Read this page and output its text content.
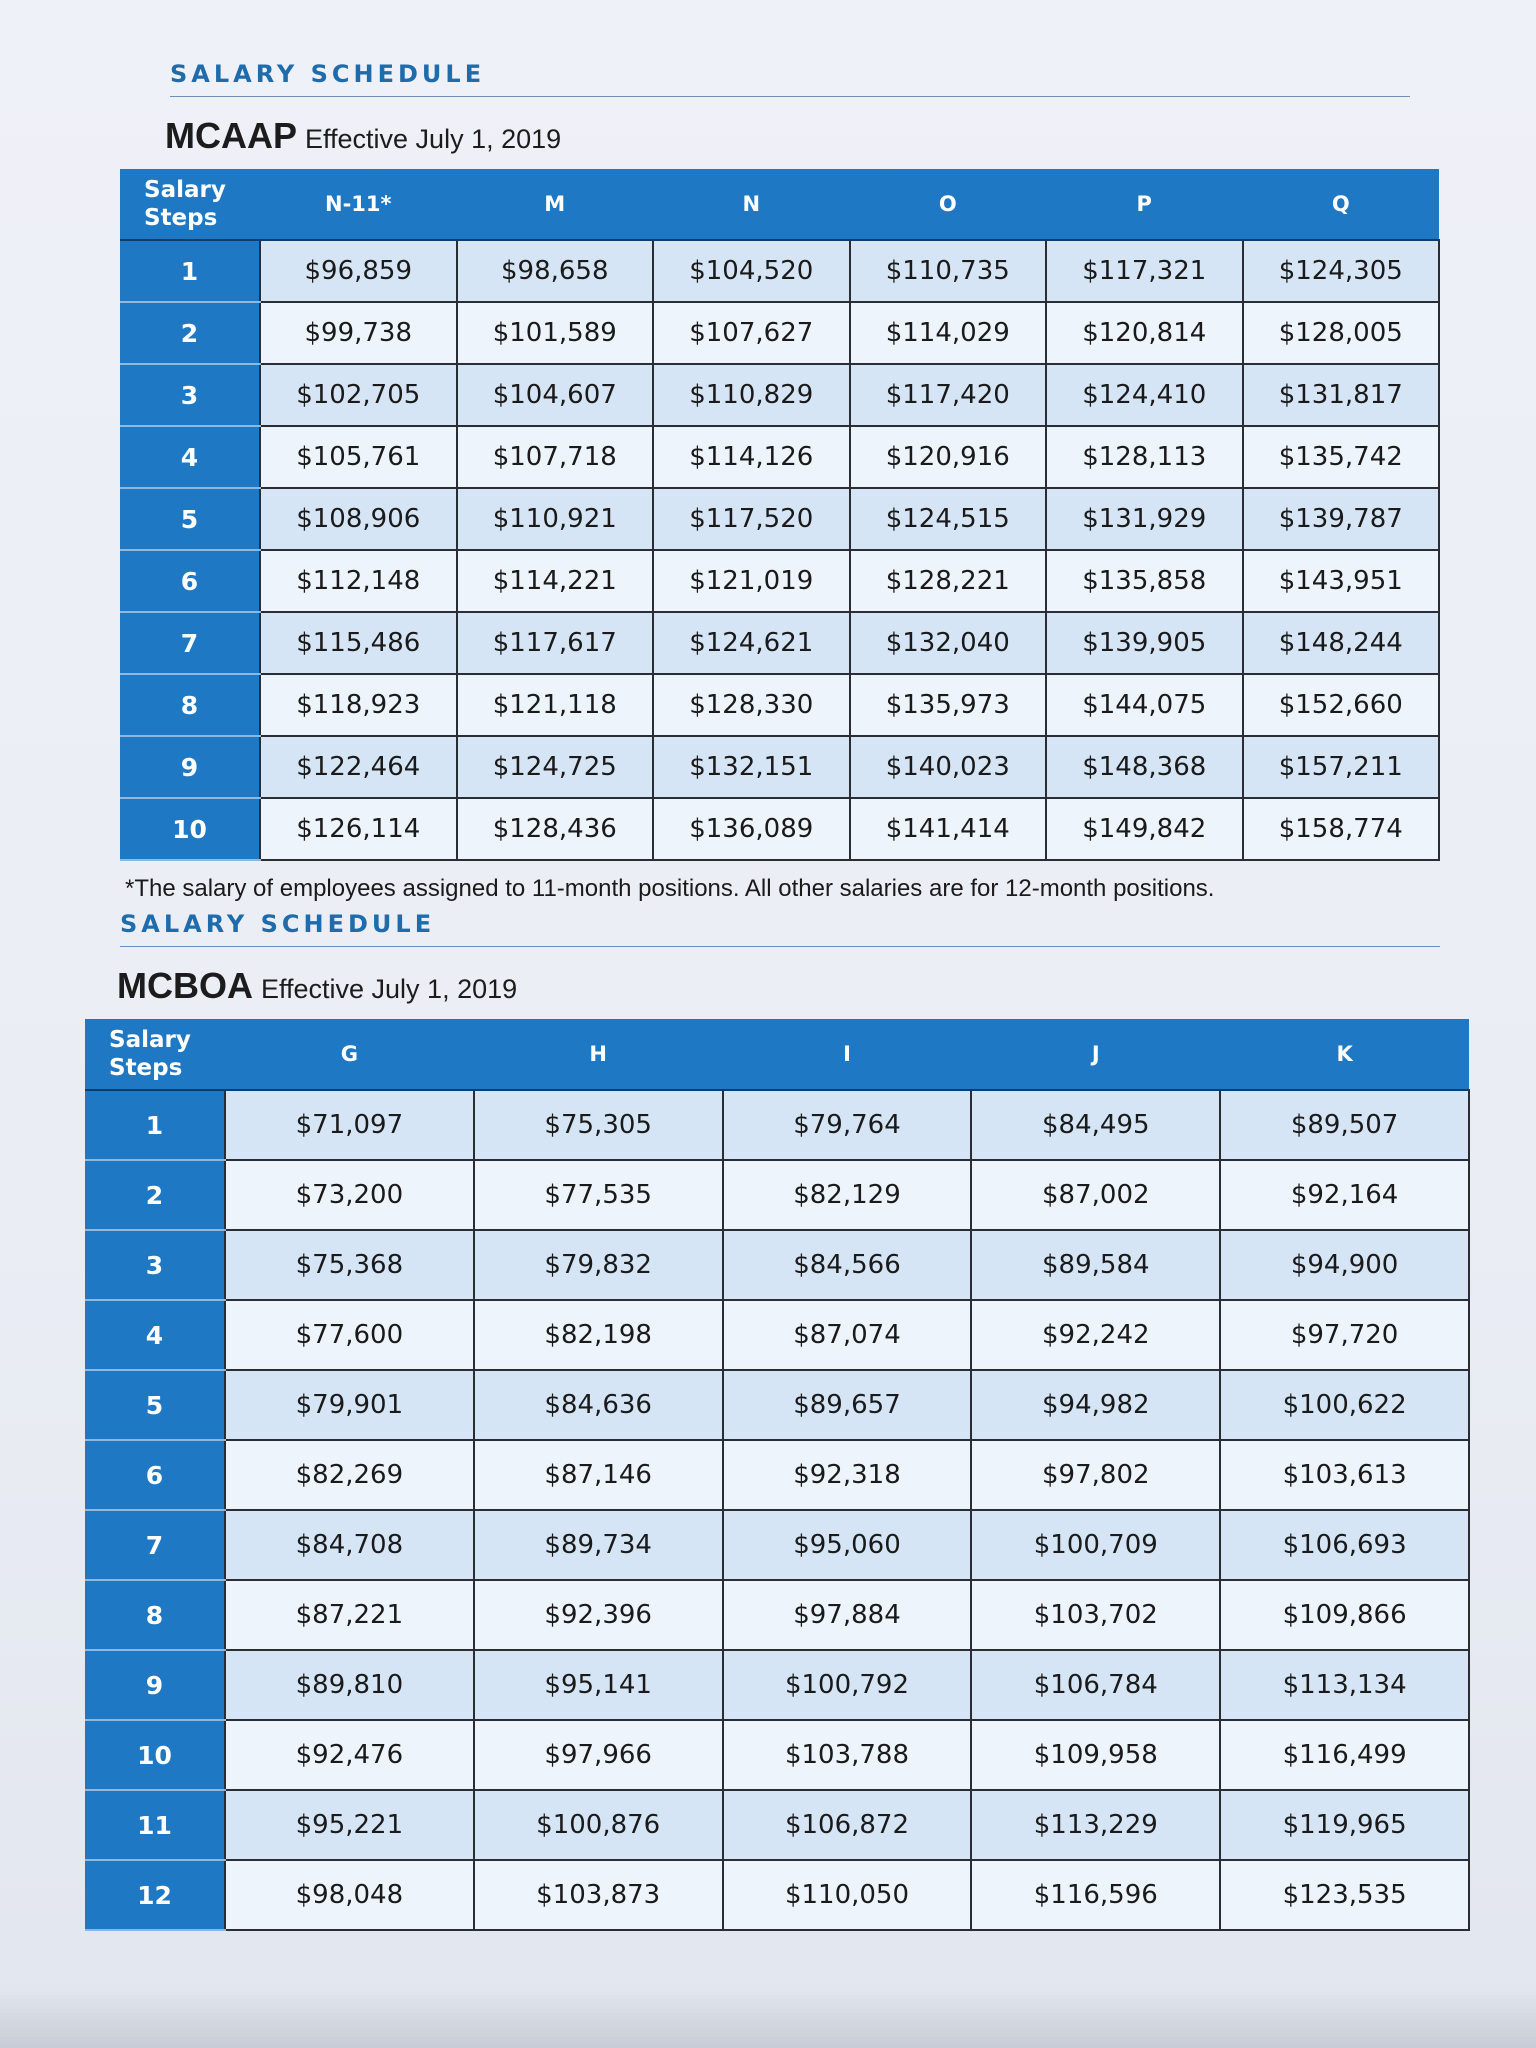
SALARY SCHEDULE
MCAAP Effective July 1, 2019
Salary
Steps	N-11*	M	N	O	P	Q
1	$96,859	$98,658	$104,520	$110,735	$117,321	$124,305
2	$99,738	$101,589	$107,627	$114,029	$120,814	$128,005
3	$102,705	$104,607	$110,829	$117,420	$124,410	$131,817
4	$105,761	$107,718	$114,126	$120,916	$128,113	$135,742
5	$108,906	$110,921	$117,520	$124,515	$131,929	$139,787
6	$112,148	$114,221	$121,019	$128,221	$135,858	$143,951
7	$115,486	$117,617	$124,621	$132,040	$139,905	$148,244
8	$118,923	$121,118	$128,330	$135,973	$144,075	$152,660
9	$122,464	$124,725	$132,151	$140,023	$148,368	$157,211
10	$126,114	$128,436	$136,089	$141,414	$149,842	$158,774
*The salary of employees assigned to 11-month positions. All other salaries are for 12-month positions.
SALARY SCHEDULE
MCBOA Effective July 1, 2019
Salary
Steps	G	H	I	J	K
1	$71,097	$75,305	$79,764	$84,495	$89,507
2	$73,200	$77,535	$82,129	$87,002	$92,164
3	$75,368	$79,832	$84,566	$89,584	$94,900
4	$77,600	$82,198	$87,074	$92,242	$97,720
5	$79,901	$84,636	$89,657	$94,982	$100,622
6	$82,269	$87,146	$92,318	$97,802	$103,613
7	$84,708	$89,734	$95,060	$100,709	$106,693
8	$87,221	$92,396	$97,884	$103,702	$109,866
9	$89,810	$95,141	$100,792	$106,784	$113,134
10	$92,476	$97,966	$103,788	$109,958	$116,499
11	$95,221	$100,876	$106,872	$113,229	$119,965
12	$98,048	$103,873	$110,050	$116,596	$123,535
